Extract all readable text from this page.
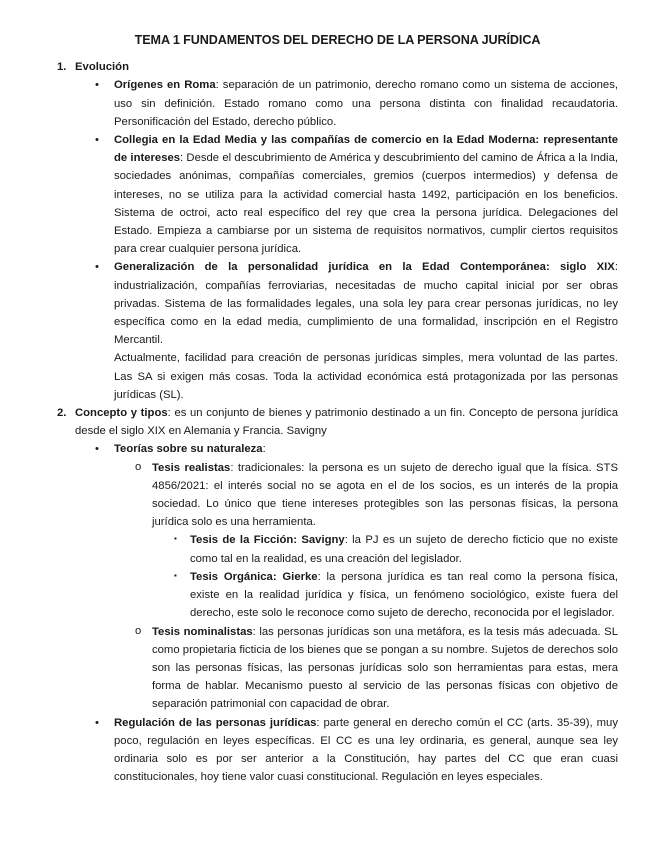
TEMA 1 FUNDAMENTOS DEL DERECHO DE LA PERSONA JURÍDICA
1. Evolución
• Orígenes en Roma: separación de un patrimonio, derecho romano como un sistema de acciones, uso sin definición. Estado romano como una persona distinta con finalidad recaudatoria. Personificación del Estado, derecho público.
• Collegia en la Edad Media y las compañías de comercio en la Edad Moderna: representante de intereses: Desde el descubrimiento de América y descubrimiento del camino de África a la India, sociedades anónimas, compañías comerciales, gremios (cuerpos intermedios) y defensa de intereses, no se utiliza para la actividad comercial hasta 1492, participación en los beneficios. Sistema de octroi, acto real específico del rey que crea la persona jurídica. Delegaciones del Estado. Empieza a cambiarse por un sistema de requisitos normativos, cumplir ciertos requisitos para crear cualquier persona jurídica.
• Generalización de la personalidad jurídica en la Edad Contemporánea: siglo XIX: industrialización, compañías ferroviarias, necesitadas de mucho capital inicial por ser obras privadas. Sistema de las formalidades legales, una sola ley para crear personas jurídicas, no ley específica como en la edad media, cumplimiento de una formalidad, inscripción en el Registro Mercantil.

Actualmente, facilidad para creación de personas jurídicas simples, mera voluntad de las partes. Las SA si exigen más cosas. Toda la actividad económica está protagonizada por las personas jurídicas (SL).

2. Concepto y tipos: es un conjunto de bienes y patrimonio destinado a un fin. Concepto de persona jurídica desde el siglo XIX en Alemania y Francia. Savigny

• Teorías sobre su naturaleza:
o Tesis realistas: tradicionales: la persona es un sujeto de derecho igual que la física. STS 4856/2021: el interés social no se agota en el de los socios, es un interés de la propia sociedad. Lo único que tiene intereses protegibles son las personas físicas, la persona jurídica solo es una herramienta.
▪ Tesis de la Ficción: Savigny: la PJ es un sujeto de derecho ficticio que no existe como tal en la realidad, es una creación del legislador.
▪ Tesis Orgánica: Gierke: la persona jurídica es tan real como la persona física, existe en la realidad jurídica y física, un fenómeno sociológico, existe fuera del derecho, este solo le reconoce como sujeto de derecho, reconocida por el legislador.
o Tesis nominalistas: las personas jurídicas son una metáfora, es la tesis más adecuada. SL como propietaria ficticia de los bienes que se pongan a su nombre. Sujetos de derechos solo son las personas físicas, las personas jurídicas solo son herramientas para estas, mera forma de hablar. Mecanismo puesto al servicio de las personas físicas con objetivo de separación patrimonial con capacidad de obrar.
• Regulación de las personas jurídicas: parte general en derecho común el CC (arts. 35-39), muy poco, regulación en leyes específicas. El CC es una ley ordinaria, es general, aunque sea ley ordinaria solo es por ser anterior a la Constitución, hay partes del CC que eran cuasi constitucionales, hoy tiene valor cuasi constitucional. Regulación en leyes especiales.
